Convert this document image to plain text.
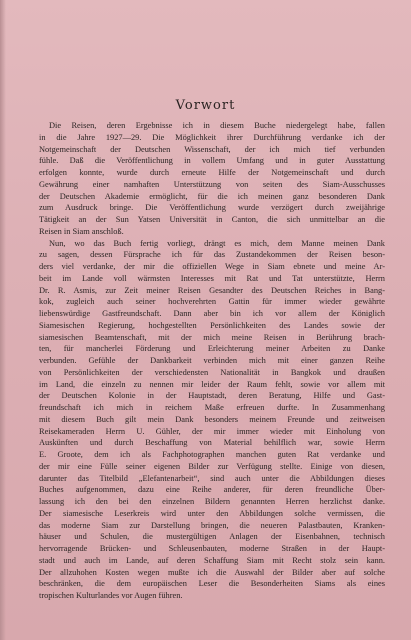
Vorwort
Die Reisen, deren Ergebnisse ich in diesem Buche niedergelegt habe, fallen
in die Jahre 1927—29. Die Möglichkeit ihrer Durchführung verdanke ich der
Notgemeinschaft der Deutschen Wissenschaft, der ich mich tief verbunden
fühle. Daß die Veröffentlichung in vollem Umfang und in guter Ausstattung
erfolgen konnte, wurde durch erneute Hilfe der Notgemeinschaft und durch
Gewährung einer namhaften Unterstützung von seiten des Siam-Ausschusses
der Deutschen Akademie ermöglicht, für die ich meinen ganz besonderen Dank
zum Ausdruck bringe. Die Veröffentlichung wurde verzögert durch zweijährige
Tätigkeit an der Sun Yatsen Universität in Canton, die sich unmittelbar an die
Reisen in Siam anschloß.
Nun, wo das Buch fertig vorliegt, drängt es mich, dem Manne meinen Dank
zu sagen, dessen Fürsprache ich für das Zustandekommen der Reisen beson-
ders viel verdanke, der mir die offiziellen Wege in Siam ebnete und meine Ar-
beit im Lande voll wärmsten Interesses mit Rat und Tat unterstützte, Herrn
Dr. R. Asmis, zur Zeit meiner Reisen Gesandter des Deutschen Reiches in Bang-
kok, zugleich auch seiner hochverehrten Gattin für immer wieder gewährte
liebenswürdige Gastfreundschaft. Dann aber bin ich vor allem der Königlich
Siamesischen Regierung, hochgestellten Persönlichkeiten des Landes sowie der
siamesischen Beamtenschaft, mit der mich meine Reisen in Berührung brach-
ten, für mancherlei Förderung und Erleichterung meiner Arbeiten zu Danke
verbunden. Gefühle der Dankbarkeit verbinden mich mit einer ganzen Reihe
von Persönlichkeiten der verschiedensten Nationalität in Bangkok und draußen
im Land, die einzeln zu nennen mir leider der Raum fehlt, sowie vor allem mit
der Deutschen Kolonie in der Hauptstadt, deren Beratung, Hilfe und Gast-
freundschaft ich mich in reichem Maße erfreuen durfte. In Zusammenhang
mit diesem Buch gilt mein Dank besonders meinem Freunde und zeitweisen
Reisekameraden Herrn U. Gühler, der mir immer wieder mit Einholung von
Auskünften und durch Beschaffung von Material behilflich war, sowie Herrn
E. Groote, dem ich als Fachphotographen manchen guten Rat verdanke und
der mir eine Fülle seiner eigenen Bilder zur Verfügung stellte. Einige von diesen,
darunter das Titelbild „Elefantenarbeit“, sind auch unter die Abbildungen dieses
Buches aufgenommen, dazu eine Reihe anderer, für deren freundliche Über-
lassung ich den bei den einzelnen Bildern genannten Herren herzlichst danke.
Der siamesische Leserkreis wird unter den Abbildungen solche vermissen, die
das moderne Siam zur Darstellung bringen, die neueren Palastbauten, Kranken-
häuser und Schulen, die mustergültigen Anlagen der Eisenbahnen, technisch
hervorragende Brücken- und Schleusenbauten, moderne Straßen in der Haupt-
stadt und auch im Lande, auf deren Schaffung Siam mit Recht stolz sein kann.
Der allzuhohen Kosten wegen mußte ich die Auswahl der Bilder aber auf solche
beschränken, die dem europäischen Leser die Besonderheiten Siams als eines
tropischen Kulturlandes vor Augen führen.
